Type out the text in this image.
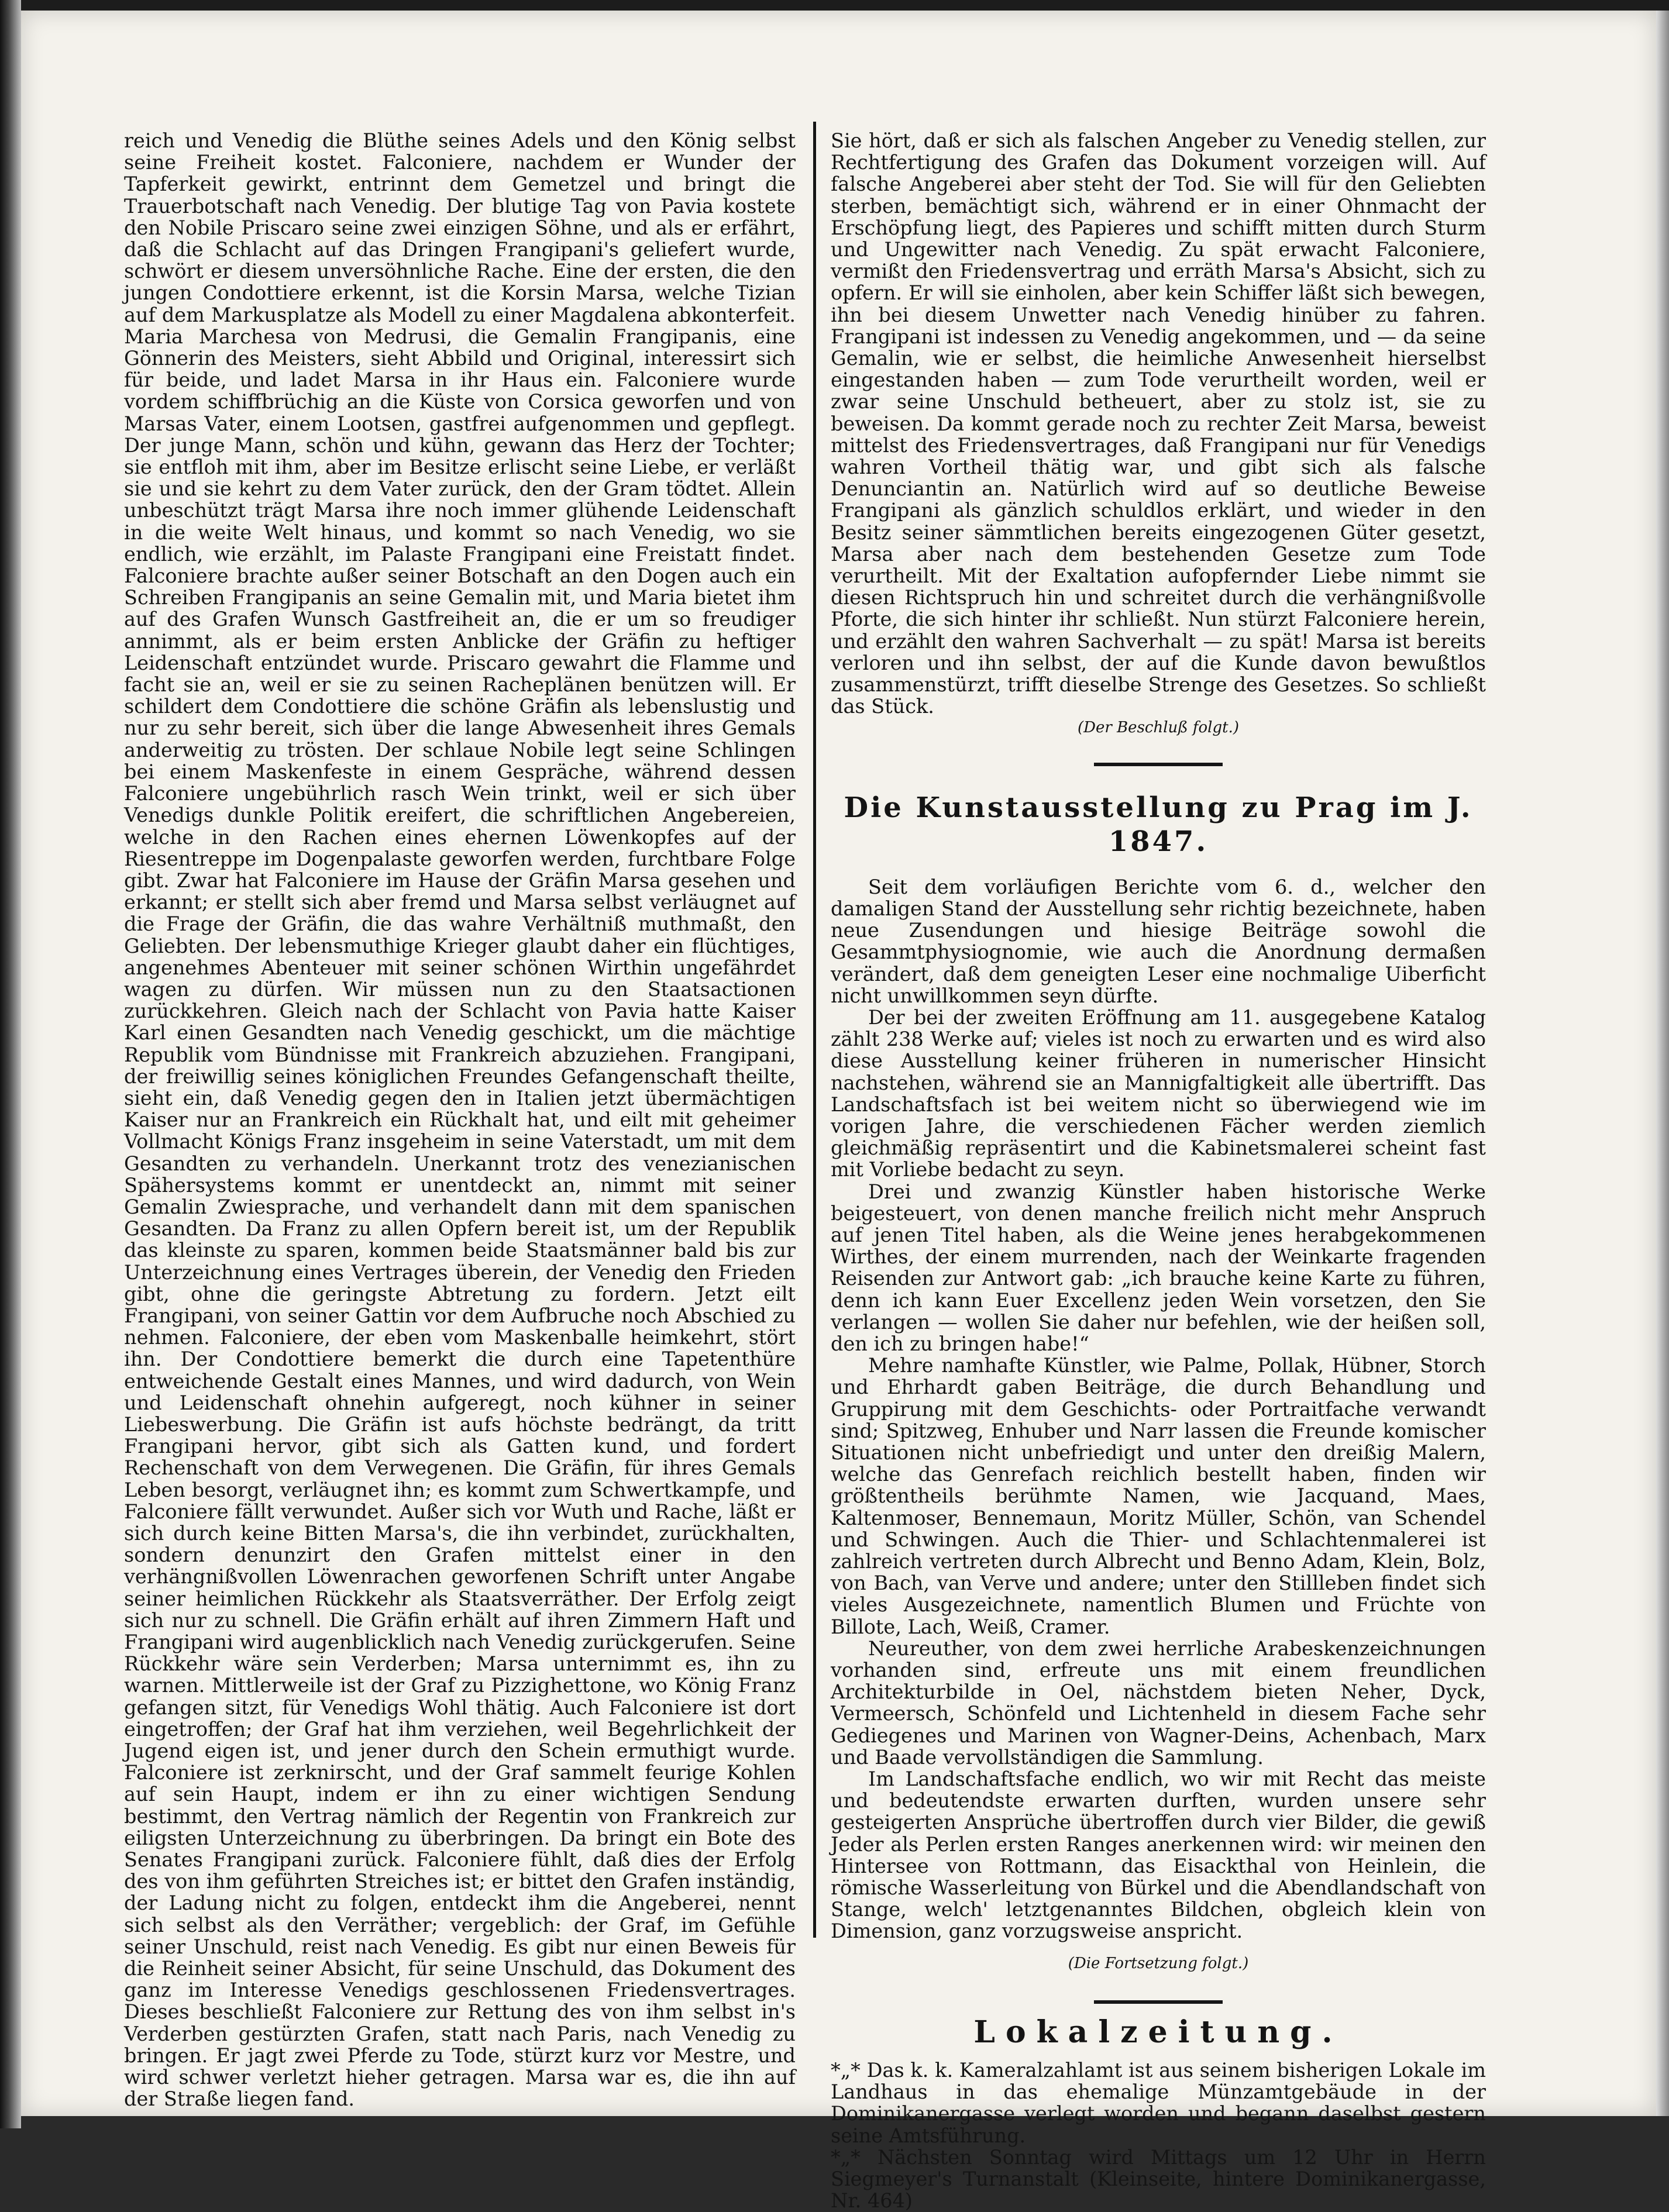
reich und Venedig die Blüthe seines Adels und den König selbst seine Freiheit kostet. Falconiere, nachdem er Wunder der Tapferkeit gewirkt, entrinnt dem Gemetzel und bringt die Trauerbotschaft nach Venedig. Der blutige Tag von Pavia kostete den Nobile Priscaro seine zwei einzigen Söhne, und als er erfährt, daß die Schlacht auf das Dringen Frangipani's geliefert wurde, schwört er diesem unversöhnliche Rache. Eine der ersten, die den jungen Condottiere erkennt, ist die Korsin Marsa, welche Tizian auf dem Markusplatze als Modell zu einer Magdalena abkonterfeit. Maria Marchesa von Medrusi, die Gemalin Frangipanis, eine Gönnerin des Meisters, sieht Abbild und Original, interessirt sich für beide, und ladet Marsa in ihr Haus ein. Falconiere wurde vordem schiffbrüchig an die Küste von Corsica geworfen und von Marsas Vater, einem Lootsen, gastfrei aufgenommen und gepflegt. Der junge Mann, schön und kühn, gewann das Herz der Tochter; sie entfloh mit ihm, aber im Besitze erlischt seine Liebe, er verläßt sie und sie kehrt zu dem Vater zurück, den der Gram tödtet. Allein unbeschützt trägt Marsa ihre noch immer glühende Leidenschaft in die weite Welt hinaus, und kommt so nach Venedig, wo sie endlich, wie erzählt, im Palaste Frangipani eine Freistatt findet. Falconiere brachte außer seiner Botschaft an den Dogen auch ein Schreiben Frangipanis an seine Gemalin mit, und Maria bietet ihm auf des Grafen Wunsch Gastfreiheit an, die er um so freudiger annimmt, als er beim ersten Anblicke der Gräfin zu heftiger Leidenschaft entzündet wurde. Priscaro gewahrt die Flamme und facht sie an, weil er sie zu seinen Racheplänen benützen will. Er schildert dem Condottiere die schöne Gräfin als lebenslustig und nur zu sehr bereit, sich über die lange Abwesenheit ihres Gemals anderweitig zu trösten. Der schlaue Nobile legt seine Schlingen bei einem Maskenfeste in einem Gespräche, während dessen Falconiere ungebührlich rasch Wein trinkt, weil er sich über Venedigs dunkle Politik ereifert, die schriftlichen Angebereien, welche in den Rachen eines ehernen Löwenkopfes auf der Riesentreppe im Dogenpalaste geworfen werden, furchtbare Folge gibt. Zwar hat Falconiere im Hause der Gräfin Marsa gesehen und erkannt; er stellt sich aber fremd und Marsa selbst verläugnet auf die Frage der Gräfin, die das wahre Verhältniß muthmaßt, den Geliebten. Der lebensmuthige Krieger glaubt daher ein flüchtiges, angenehmes Abenteuer mit seiner schönen Wirthin ungefährdet wagen zu dürfen. Wir müssen nun zu den Staatsactionen zurückkehren. Gleich nach der Schlacht von Pavia hatte Kaiser Karl einen Gesandten nach Venedig geschickt, um die mächtige Republik vom Bündnisse mit Frankreich abzuziehen. Frangipani, der freiwillig seines königlichen Freundes Gefangenschaft theilte, sieht ein, daß Venedig gegen den in Italien jetzt übermächtigen Kaiser nur an Frankreich ein Rückhalt hat, und eilt mit geheimer Vollmacht Königs Franz insgeheim in seine Vaterstadt, um mit dem Gesandten zu verhandeln. Unerkannt trotz des venezianischen Spähersystems kommt er unentdeckt an, nimmt mit seiner Gemalin Zwiesprache, und verhandelt dann mit dem spanischen Gesandten. Da Franz zu allen Opfern bereit ist, um der Republik das kleinste zu sparen, kommen beide Staatsmänner bald bis zur Unterzeichnung eines Vertrages überein, der Venedig den Frieden gibt, ohne die geringste Abtretung zu fordern. Jetzt eilt Frangipani, von seiner Gattin vor dem Aufbruche noch Abschied zu nehmen. Falconiere, der eben vom Maskenballe heimkehrt, stört ihn. Der Condottiere bemerkt die durch eine Tapetenthüre entweichende Gestalt eines Mannes, und wird dadurch, von Wein und Leidenschaft ohnehin aufgeregt, noch kühner in seiner Liebeswerbung. Die Gräfin ist aufs höchste bedrängt, da tritt Frangipani hervor, gibt sich als Gatten kund, und fordert Rechenschaft von dem Verwegenen. Die Gräfin, für ihres Gemals Leben besorgt, verläugnet ihn; es kommt zum Schwertkampfe, und Falconiere fällt verwundet. Außer sich vor Wuth und Rache, läßt er sich durch keine Bitten Marsa's, die ihn verbindet, zurückhalten, sondern denunzirt den Grafen mittelst einer in den verhängnißvollen Löwenrachen geworfenen Schrift unter Angabe seiner heimlichen Rückkehr als Staatsverräther. Der Erfolg zeigt sich nur zu schnell. Die Gräfin erhält auf ihren Zimmern Haft und Frangipani wird augenblicklich nach Venedig zurückgerufen. Seine Rückkehr wäre sein Verderben; Marsa unternimmt es, ihn zu warnen. Mittlerweile ist der Graf zu Pizzighettone, wo König Franz gefangen sitzt, für Venedigs Wohl thätig. Auch Falconiere ist dort eingetroffen; der Graf hat ihm verziehen, weil Begehrlichkeit der Jugend eigen ist, und jener durch den Schein ermuthigt wurde. Falconiere ist zerknirscht, und der Graf sammelt feurige Kohlen auf sein Haupt, indem er ihn zu einer wichtigen Sendung bestimmt, den Vertrag nämlich der Regentin von Frankreich zur eiligsten Unterzeichnung zu überbringen. Da bringt ein Bote des Senates Frangipani zurück. Falconiere fühlt, daß dies der Erfolg des von ihm geführten Streiches ist; er bittet den Grafen inständig, der Ladung nicht zu folgen, entdeckt ihm die Angeberei, nennt sich selbst als den Verräther; vergeblich: der Graf, im Gefühle seiner Unschuld, reist nach Venedig. Es gibt nur einen Beweis für die Reinheit seiner Absicht, für seine Unschuld, das Dokument des ganz im Interesse Venedigs geschlossenen Friedensvertrages. Dieses beschließt Falconiere zur Rettung des von ihm selbst in's Verderben gestürzten Grafen, statt nach Paris, nach Venedig zu bringen. Er jagt zwei Pferde zu Tode, stürzt kurz vor Mestre, und wird schwer verletzt hieher getragen. Marsa war es, die ihn auf der Straße liegen fand.

Sie hört, daß er sich als falschen Angeber zu Venedig stellen, zur Rechtfertigung des Grafen das Dokument vorzeigen will. Auf falsche Angeberei aber steht der Tod. Sie will für den Geliebten sterben, bemächtigt sich, während er in einer Ohnmacht der Erschöpfung liegt, des Papieres und schifft mitten durch Sturm und Ungewitter nach Venedig. Zu spät erwacht Falconiere, vermißt den Friedensvertrag und erräth Marsa's Absicht, sich zu opfern. Er will sie einholen, aber kein Schiffer läßt sich bewegen, ihn bei diesem Unwetter nach Venedig hinüber zu fahren. Frangipani ist indessen zu Venedig angekommen, und — da seine Gemalin, wie er selbst, die heimliche Anwesenheit hierselbst eingestanden haben — zum Tode verurtheilt worden, weil er zwar seine Unschuld betheuert, aber zu stolz ist, sie zu beweisen. Da kommt gerade noch zu rechter Zeit Marsa, beweist mittelst des Friedensvertrages, daß Frangipani nur für Venedigs wahren Vortheil thätig war, und gibt sich als falsche Denunciantin an. Natürlich wird auf so deutliche Beweise Frangipani als gänzlich schuldlos erklärt, und wieder in den Besitz seiner sämmtlichen bereits eingezogenen Güter gesetzt, Marsa aber nach dem bestehenden Gesetze zum Tode verurtheilt. Mit der Exaltation aufopfernder Liebe nimmt sie diesen Richtspruch hin und schreitet durch die verhängnißvolle Pforte, die sich hinter ihr schließt. Nun stürzt Falconiere herein, und erzählt den wahren Sachverhalt — zu spät! Marsa ist bereits verloren und ihn selbst, der auf die Kunde davon bewußtlos zusammenstürzt, trifft dieselbe Strenge des Gesetzes. So schließt das Stück.

(Der Beschluß folgt.)

Die Kunstausstellung zu Prag im J. 1847.

Seit dem vorläufigen Berichte vom 6. d., welcher den damaligen Stand der Ausstellung sehr richtig bezeichnete, haben neue Zusendungen und hiesige Beiträge sowohl die Gesammtphysiognomie, wie auch die Anordnung dermaßen verändert, daß dem geneigten Leser eine nochmalige Uiberficht nicht unwillkommen seyn dürfte.

Der bei der zweiten Eröffnung am 11. ausgegebene Katalog zählt 238 Werke auf; vieles ist noch zu erwarten und es wird also diese Ausstellung keiner früheren in numerischer Hinsicht nachstehen, während sie an Mannigfaltigkeit alle übertrifft. Das Landschaftsfach ist bei weitem nicht so überwiegend wie im vorigen Jahre, die verschiedenen Fächer werden ziemlich gleichmäßig repräsentirt und die Kabinetsmalerei scheint fast mit Vorliebe bedacht zu seyn.

Drei und zwanzig Künstler haben historische Werke beigesteuert, von denen manche freilich nicht mehr Anspruch auf jenen Titel haben, als die Weine jenes herabgekommenen Wirthes, der einem murrenden, nach der Weinkarte fragenden Reisenden zur Antwort gab: „ich brauche keine Karte zu führen, denn ich kann Euer Excellenz jeden Wein vorsetzen, den Sie verlangen — wollen Sie daher nur befehlen, wie der heißen soll, den ich zu bringen habe!“

Mehre namhafte Künstler, wie Palme, Pollak, Hübner, Storch und Ehrhardt gaben Beiträge, die durch Behandlung und Gruppirung mit dem Geschichts- oder Portraitfache verwandt sind; Spitzweg, Enhuber und Narr lassen die Freunde komischer Situationen nicht unbefriedigt und unter den dreißig Malern, welche das Genrefach reichlich bestellt haben, finden wir größtentheils berühmte Namen, wie Jacquand, Maes, Kaltenmoser, Bennemaun, Moritz Müller, Schön, van Schendel und Schwingen. Auch die Thier- und Schlachtenmalerei ist zahlreich vertreten durch Albrecht und Benno Adam, Klein, Bolz, von Bach, van Verve und andere; unter den Stillleben findet sich vieles Ausgezeichnete, namentlich Blumen und Früchte von Billote, Lach, Weiß, Cramer.

Neureuther, von dem zwei herrliche Arabeskenzeichnungen vorhanden sind, erfreute uns mit einem freundlichen Architekturbilde in Oel, nächstdem bieten Neher, Dyck, Vermeersch, Schönfeld und Lichtenheld in diesem Fache sehr Gediegenes und Marinen von Wagner-Deins, Achenbach, Marx und Baade vervollständigen die Sammlung.

Im Landschaftsfache endlich, wo wir mit Recht das meiste und bedeutendste erwarten durften, wurden unsere sehr gesteigerten Ansprüche übertroffen durch vier Bilder, die gewiß Jeder als Perlen ersten Ranges anerkennen wird: wir meinen den Hintersee von Rottmann, das Eisackthal von Heinlein, die römische Wasserleitung von Bürkel und die Abendlandschaft von Stange, welch' letztgenanntes Bildchen, obgleich klein von Dimension, ganz vorzugsweise anspricht.

(Die Fortsetzung folgt.)

Lokalzeitung.

*„* Das k. k. Kameralzahlamt ist aus seinem bisherigen Lokale im Landhaus in das ehemalige Münzamtgebäude in der Dominikanergasse verlegt worden und begann daselbst gestern seine Amtsführung.

*„* Nächsten Sonntag wird Mittags um 12 Uhr in Herrn Siegmeyer's Turnanstalt (Kleinseite, hintere Dominikanergasse, Nr. 464)
